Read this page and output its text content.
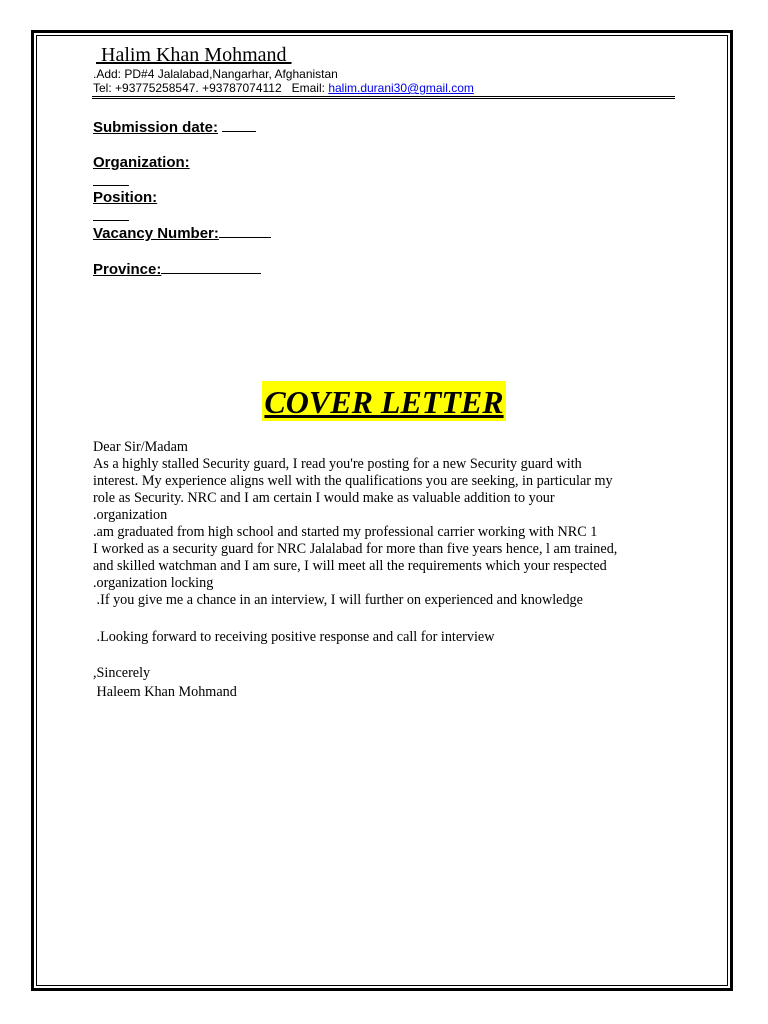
Halim Khan Mohmand

.Add: PD#4 Jalalabad,Nangarhar, Afghanistan

Tel: +93775258547. +93787074112   Email: halim.durani30@gmail.com

Submission date:

Organization:

Position:

Vacancy Number:

Province:

COVER LETTER

Dear Sir/Madam

As a highly stalled Security guard, I read you're posting for a new Security guard with

interest. My experience aligns well with the qualifications you are seeking, in particular my

role as Security. NRC and I am certain I would make as valuable addition to your

.organization

.am graduated from high school and started my professional carrier working with NRC 1

I worked as a security guard for NRC Jalalabad for more than five years hence, l am trained,

and skilled watchman and I am sure, I will meet all the requirements which your respected

.organization locking

.If you give me a chance in an interview, I will further on experienced and knowledge

.Looking forward to receiving positive response and call for interview

,Sincerely

Haleem Khan Mohmand
